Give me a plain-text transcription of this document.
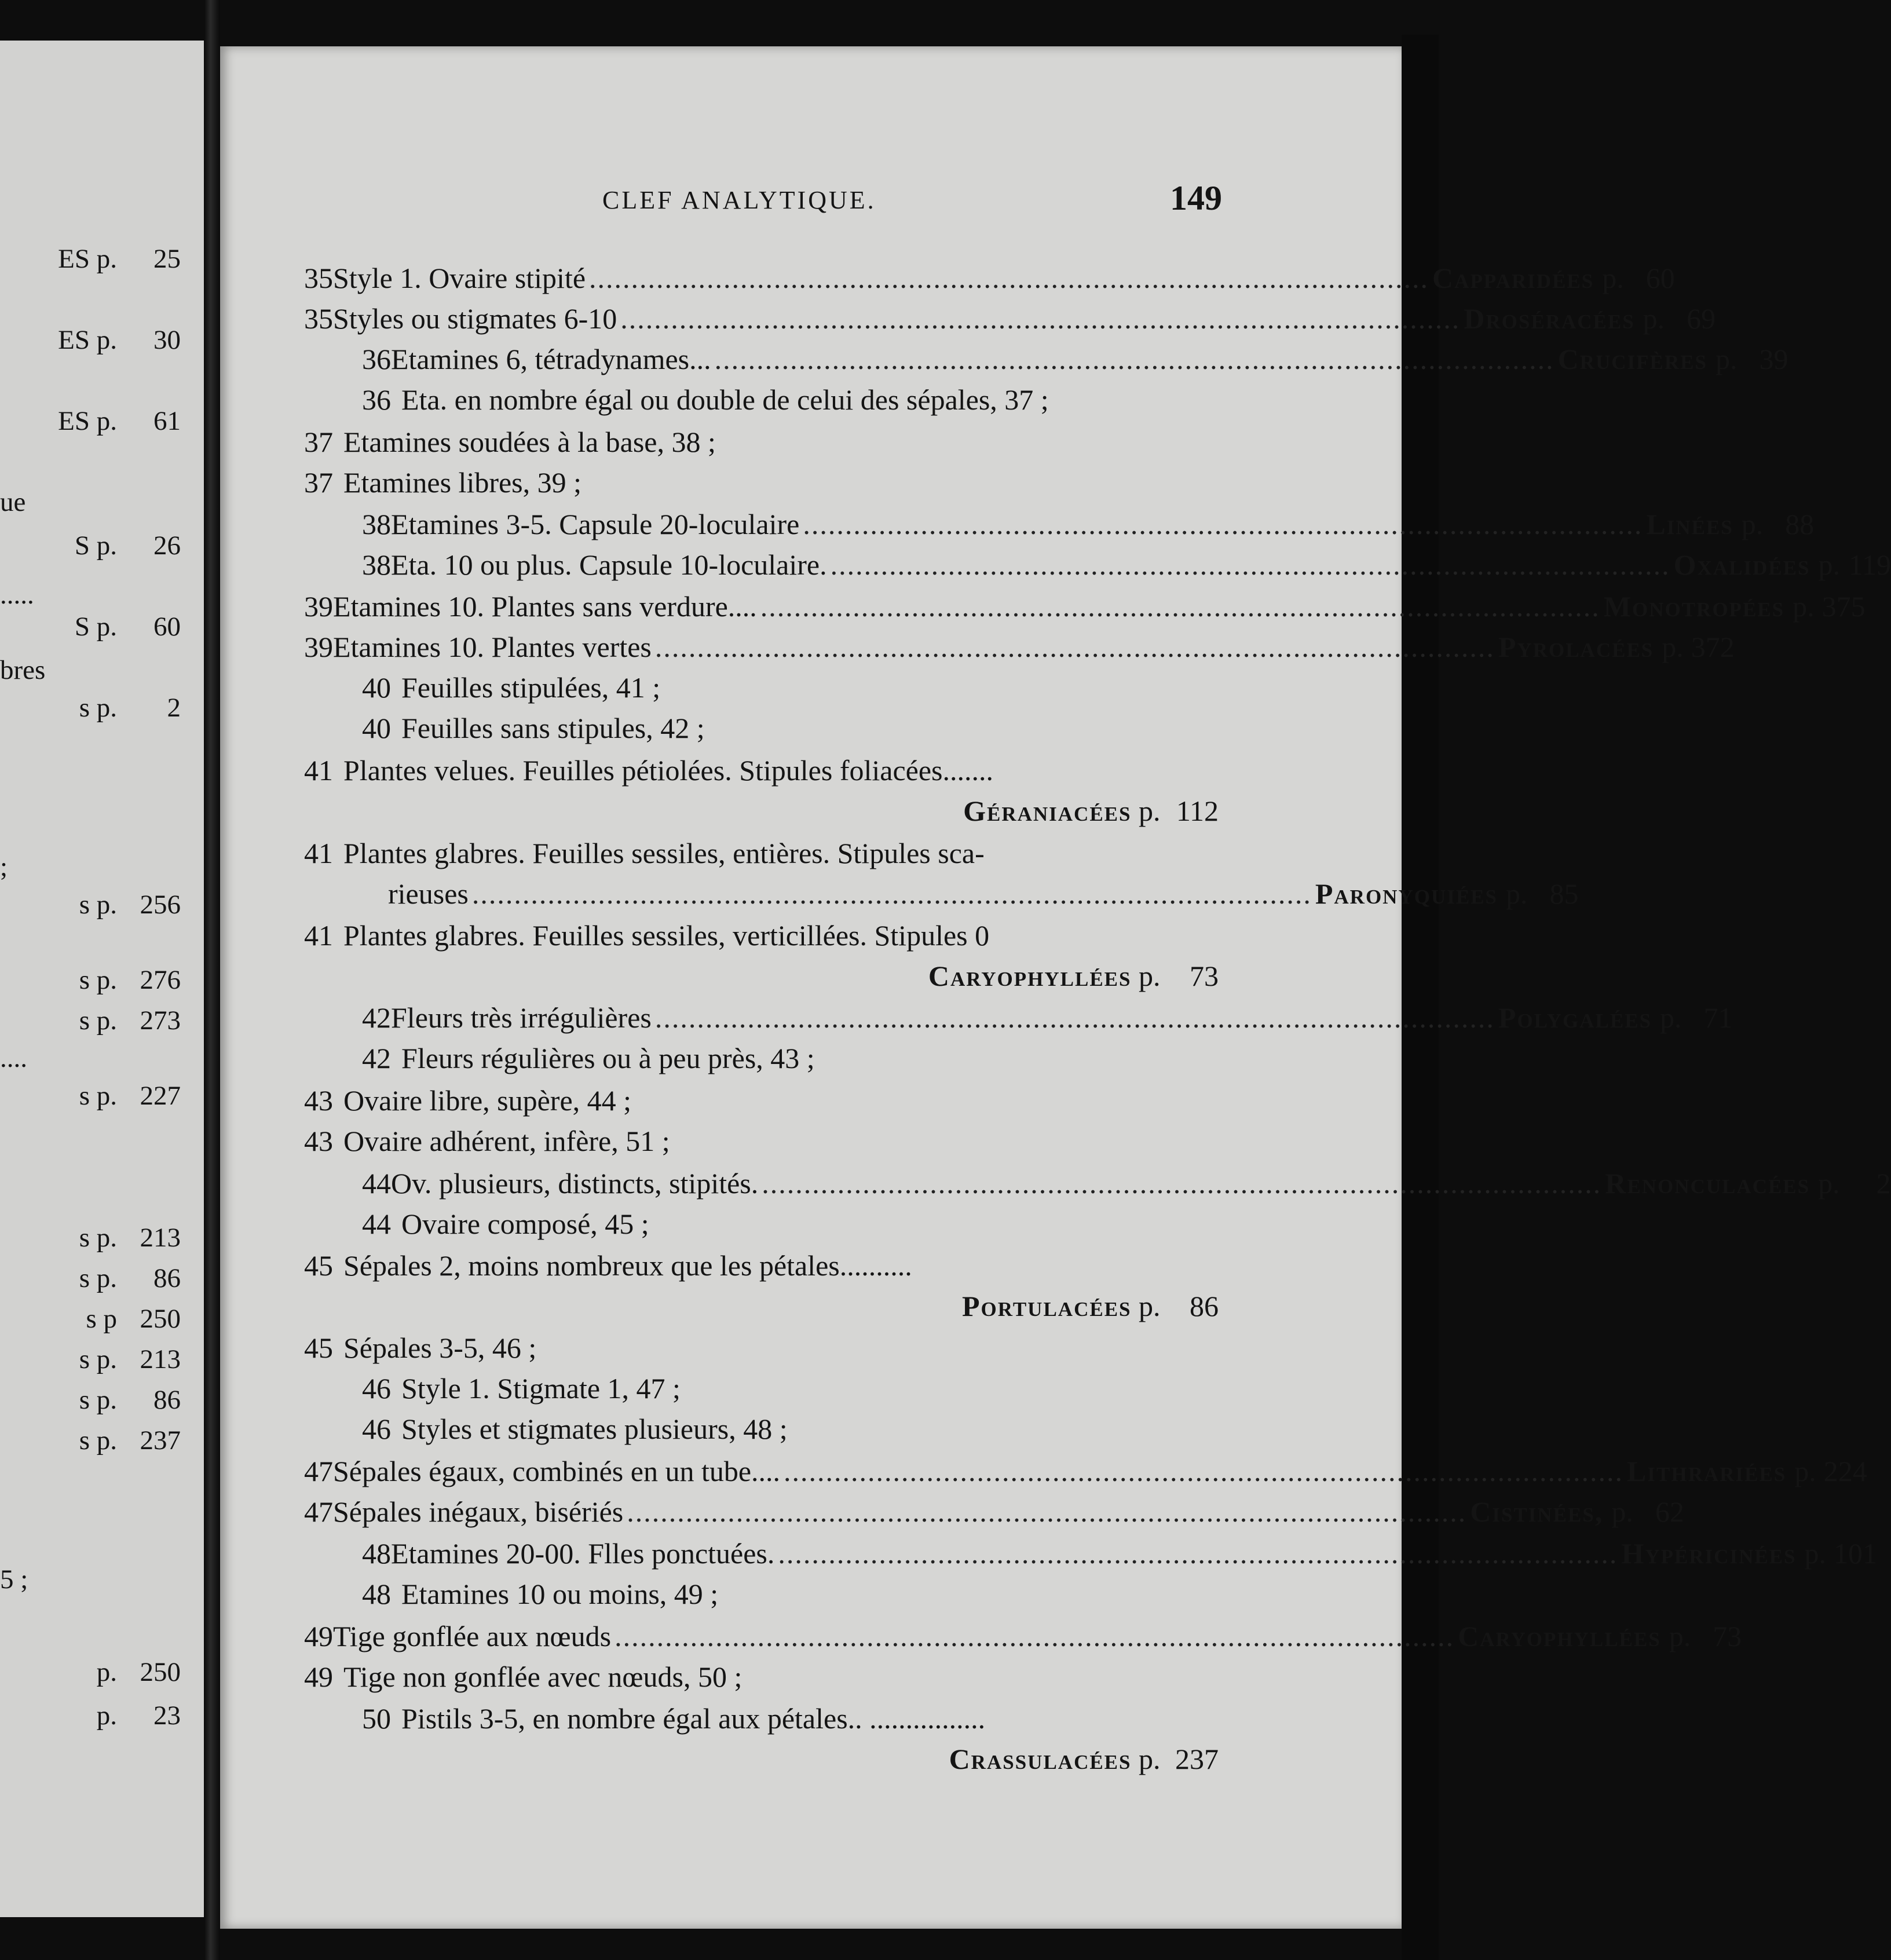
ES p. 25
ES p. 30
ES p. 61
ue
S p. 26
.....
S p. 60
bres
s p. 2
;
s p. 256
s p. 276
s p. 273
....
s p. 227
s p. 213
s p. 86
s p 250
s p. 213
s p. 86
s p. 237
5 ;
p. 250
p. 23
CLEF ANALYTIQUE.	149
35 Style 1. Ovaire stipité .................................................................................................... Capparidées p. 60
35 Styles ou stigmates 6-10 .................................................................................................... Droséracées p. 69
36 Etamines 6, tétradynames... .................................................................................................... Crucifères p. 39
36 Eta. en nombre égal ou double de celui des sépales, 37 ;
37 Etamines soudées à la base, 38 ;
37 Etamines libres, 39 ;
38 Etamines 3-5. Capsule 20-loculaire .................................................................................................... Linées p. 88
38 Eta. 10 ou plus. Capsule 10-loculaire. .................................................................................................... Oxalidées p. 119
39 Etamines 10. Plantes sans verdure.... .................................................................................................... Monotropées p. 375
39 Etamines 10. Plantes vertes .................................................................................................... Pyrolacées p. 372
40 Feuilles stipulées, 41 ;
40 Feuilles sans stipules, 42 ;
41 Plantes velues. Feuilles pétiolées. Stipules foliacées.......
Géraniacées p. 112
41 Plantes glabres. Feuilles sessiles, entières. Stipules sca-
rieuses .................................................................................................... Paronyquiées p. 85
41 Plantes glabres. Feuilles sessiles, verticillées. Stipules 0
Caryophyllées p. 73
42 Fleurs très irrégulières .................................................................................................... Polygalées p. 71
42 Fleurs régulières ou à peu près, 43 ;
43 Ovaire libre, supère, 44 ;
43 Ovaire adhérent, infère, 51 ;
44 Ov. plusieurs, distincts, stipités. .................................................................................................... Renonculacées p.	2
44 Ovaire composé, 45 ;
45 Sépales 2, moins nombreux que les pétales..........
Portulacées p. 86
45 Sépales 3-5, 46 ;
46 Style 1. Stigmate 1, 47 ;
46 Styles et stigmates plusieurs, 48 ;
47 Sépales égaux, combinés en un tube.... .................................................................................................... Lithrariées p. 224
47 Sépales inégaux, bisériés .................................................................................................... Cistinées, p. 62
48 Etamines 20-00. Flles ponctuées. .................................................................................................... Hypéricinées p. 101
48 Etamines 10 ou moins, 49 ;
49 Tige gonflée aux nœuds .................................................................................................... Caryophyllées p. 73
49 Tige non gonflée avec nœuds, 50 ;
50 Pistils 3-5, en nombre égal aux pétales.. ................
Crassulacées p. 237
